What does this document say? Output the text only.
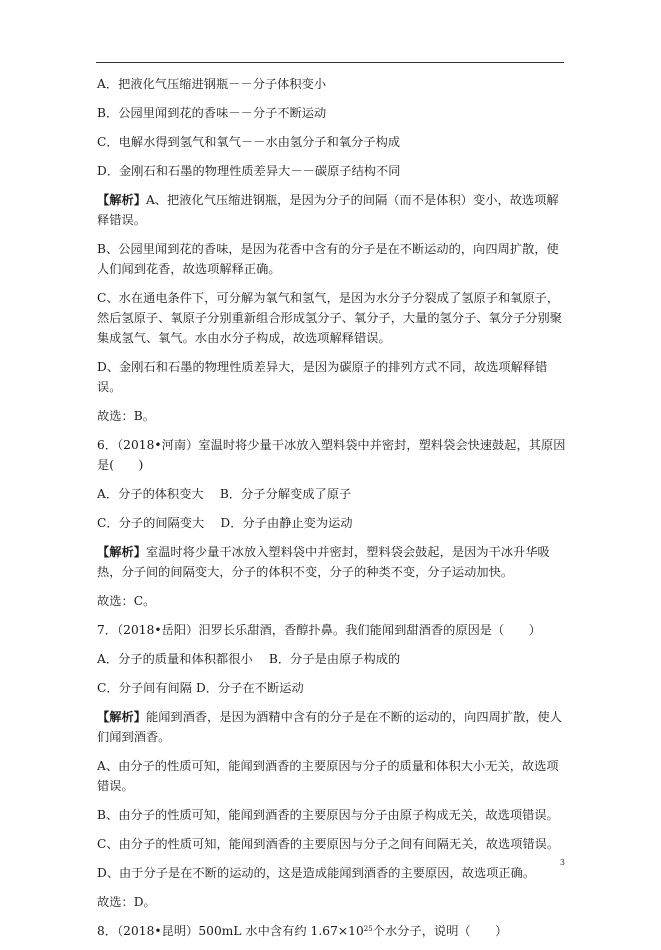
A．把液化气压缩进钢瓶－－分子体积变小

B．公园里闻到花的香味－－分子不断运动

C．电解水得到氢气和氧气－－水由氢分子和氧分子构成

D．金刚石和石墨的物理性质差异大－－碳原子结构不同

【解析】A、把液化气压缩进钢瓶，是因为分子的间隔（而不是体积）变小，故选项解释错误。

B、公园里闻到花的香味，是因为花香中含有的分子是在不断运动的，向四周扩散，使人们闻到花香，故选项解释正确。

C、水在通电条件下，可分解为氧气和氢气，是因为水分子分裂成了氢原子和氧原子，然后氢原子、氧原子分别重新组合形成氢分子、氧分子，大量的氢分子、氧分子分别聚集成氢气、氧气。水由水分子构成，故选项解释错误。

D、金刚石和石墨的物理性质差异大，是因为碳原子的排列方式不同，故选项解释错误。

故选：B。

6．（2018•河南）室温时将少量干冰放入塑料袋中并密封，塑料袋会快速鼓起，其原因是(　　)

A．分子的体积变大　 B．分子分解变成了原子

C．分子的间隔变大　 D．分子由静止变为运动

【解析】室温时将少量干冰放入塑料袋中并密封，塑料袋会鼓起，是因为干冰升华吸热，分子间的间隔变大，分子的体积不变，分子的种类不变，分子运动加快。

故选：C。

7．（2018•岳阳）汨罗长乐甜酒，香醇扑鼻。我们能闻到甜酒香的原因是（　　）

A．分子的质量和体积都很小　 B．分子是由原子构成的

C．分子间有间隔 D．分子在不断运动

【解析】能闻到酒香，是因为酒精中含有的分子是在不断的运动的，向四周扩散，使人们闻到酒香。

A、由分子的性质可知，能闻到酒香的主要原因与分子的质量和体积大小无关，故选项错误。

B、由分子的性质可知，能闻到酒香的主要原因与分子由原子构成无关，故选项错误。

C、由分子的性质可知，能闻到酒香的主要原因与分子之间有间隔无关，故选项错误。

D、由于分子是在不断的运动的，这是造成能闻到酒香的主要原因，故选项正确。

故选：D。

8．（2018•昆明）500mL 水中含有约 $1.67\times 10^{25}$个水分子，说明（　　）

3
